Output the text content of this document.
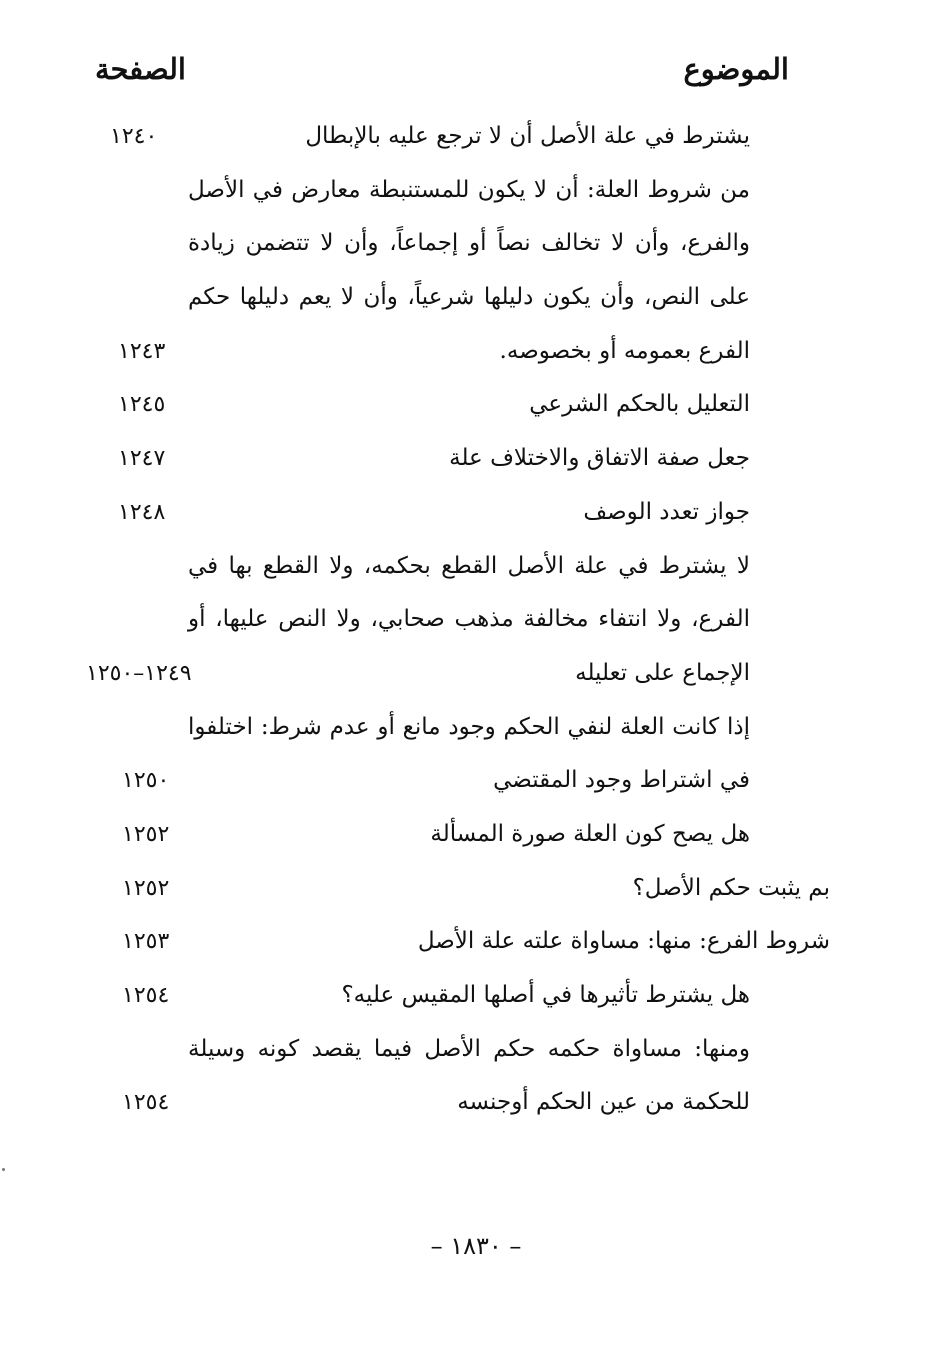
الموضوع
الصفحة
يشترط في علة الأصل أن لا ترجع عليه بالإبطال
١٢٤٠
من شروط العلة: أن لا يكون للمستنبطة معارض في الأصل
والفرع، وأن لا تخالف نصاً أو إجماعاً، وأن لا تتضمن زيادة
على النص، وأن يكون دليلها شرعياً، وأن لا يعم دليلها حكم
الفرع بعمومه أو بخصوصه.
١٢٤٣
التعليل بالحكم الشرعي
١٢٤٥
جعل صفة الاتفاق والاختلاف علة
١٢٤٧
جواز تعدد الوصف
١٢٤٨
لا يشترط في علة الأصل القطع بحكمه، ولا القطع بها في
الفرع، ولا انتفاء مخالفة مذهب صحابي، ولا النص عليها، أو
الإجماع على تعليله
١٢٤٩–١٢٥٠
إذا كانت العلة لنفي الحكم وجود مانع أو عدم شرط: اختلفوا
في اشتراط وجود المقتضي
١٢٥٠
هل يصح كون العلة صورة المسألة
١٢٥٢
بم يثبت حكم الأصل؟
١٢٥٢
شروط الفرع: منها: مساواة علته علة الأصل
١٢٥٣
هل يشترط تأثيرها في أصلها المقيس عليه؟
١٢٥٤
ومنها: مساواة حكمه حكم الأصل فيما يقصد كونه وسيلة
للحكمة من عين الحكم أوجنسه
١٢٥٤
– ١٨٣٠ –
